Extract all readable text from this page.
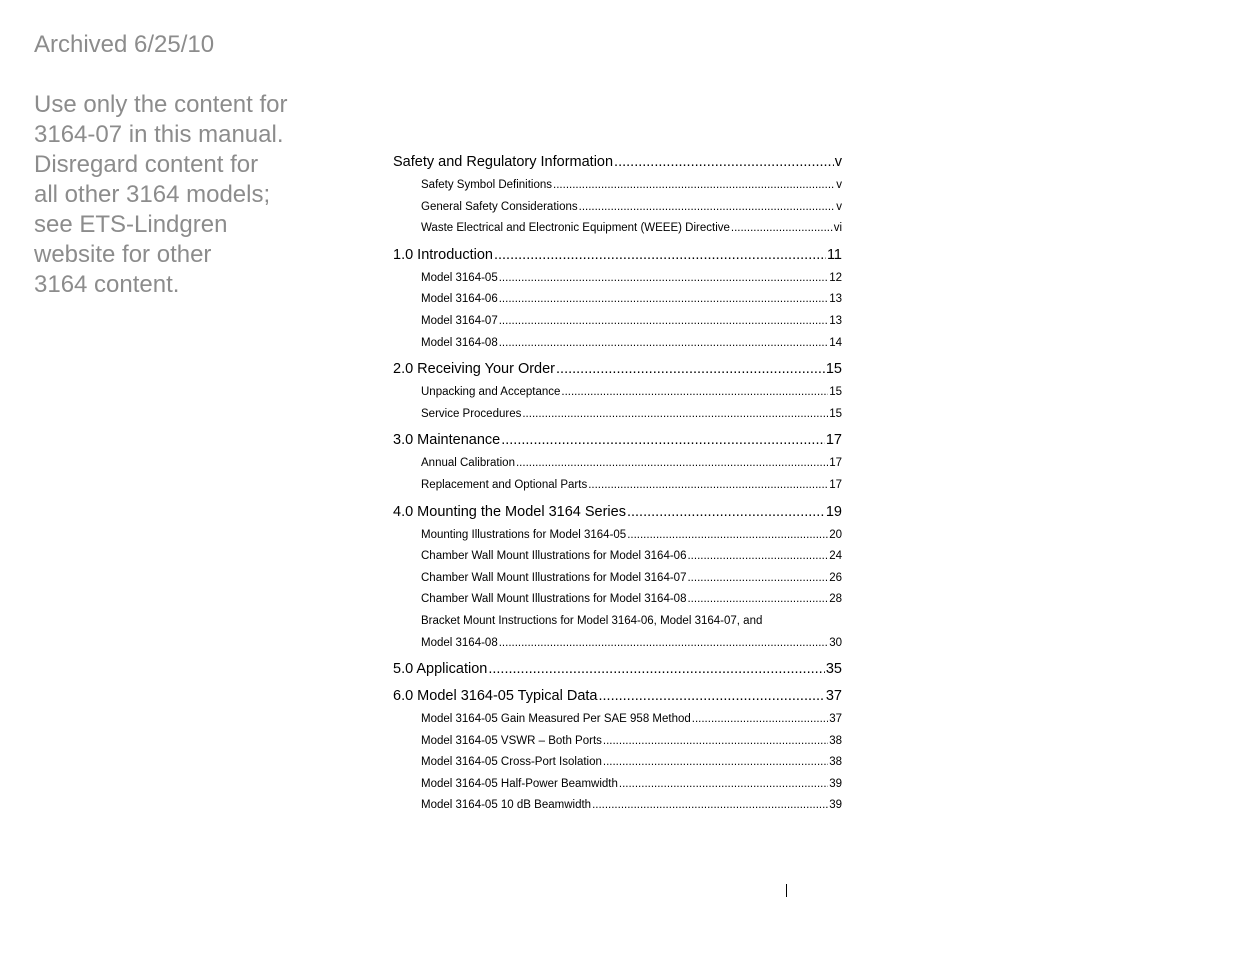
Archived 6/25/10
Use only the content for
3164-07 in this manual.
Disregard content for
all other 3164 models;
see ETS-Lindgren
website for other
3164 content.
Safety and Regulatory Information .....	v
Safety Symbol Definitions .....	v
General Safety Considerations .....	v
Waste Electrical and Electronic Equipment (WEEE) Directive .....	vi
1.0 Introduction .....	11
Model 3164-05 .....	12
Model 3164-06 .....	13
Model 3164-07 .....	13
Model 3164-08 .....	14
2.0 Receiving Your Order .....	15
Unpacking and Acceptance .....	15
Service Procedures .....	15
3.0 Maintenance .....	17
Annual Calibration .....	17
Replacement and Optional Parts .....	17
4.0 Mounting the Model 3164 Series .....	19
Mounting Illustrations for Model 3164-05 .....	20
Chamber Wall Mount Illustrations for Model 3164-06 .....	24
Chamber Wall Mount Illustrations for Model 3164-07 .....	26
Chamber Wall Mount Illustrations for Model 3164-08 .....	28
Bracket Mount Instructions for Model 3164-06, Model 3164-07, and
Model 3164-08 .....	30
5.0 Application .....	35
6.0 Model 3164-05 Typical Data .....	37
Model 3164-05 Gain Measured Per SAE 958 Method .....	37
Model 3164-05 VSWR – Both Ports .....	38
Model 3164-05 Cross-Port Isolation .....	38
Model 3164-05 Half-Power Beamwidth .....	39
Model 3164-05 10 dB Beamwidth .....	39
